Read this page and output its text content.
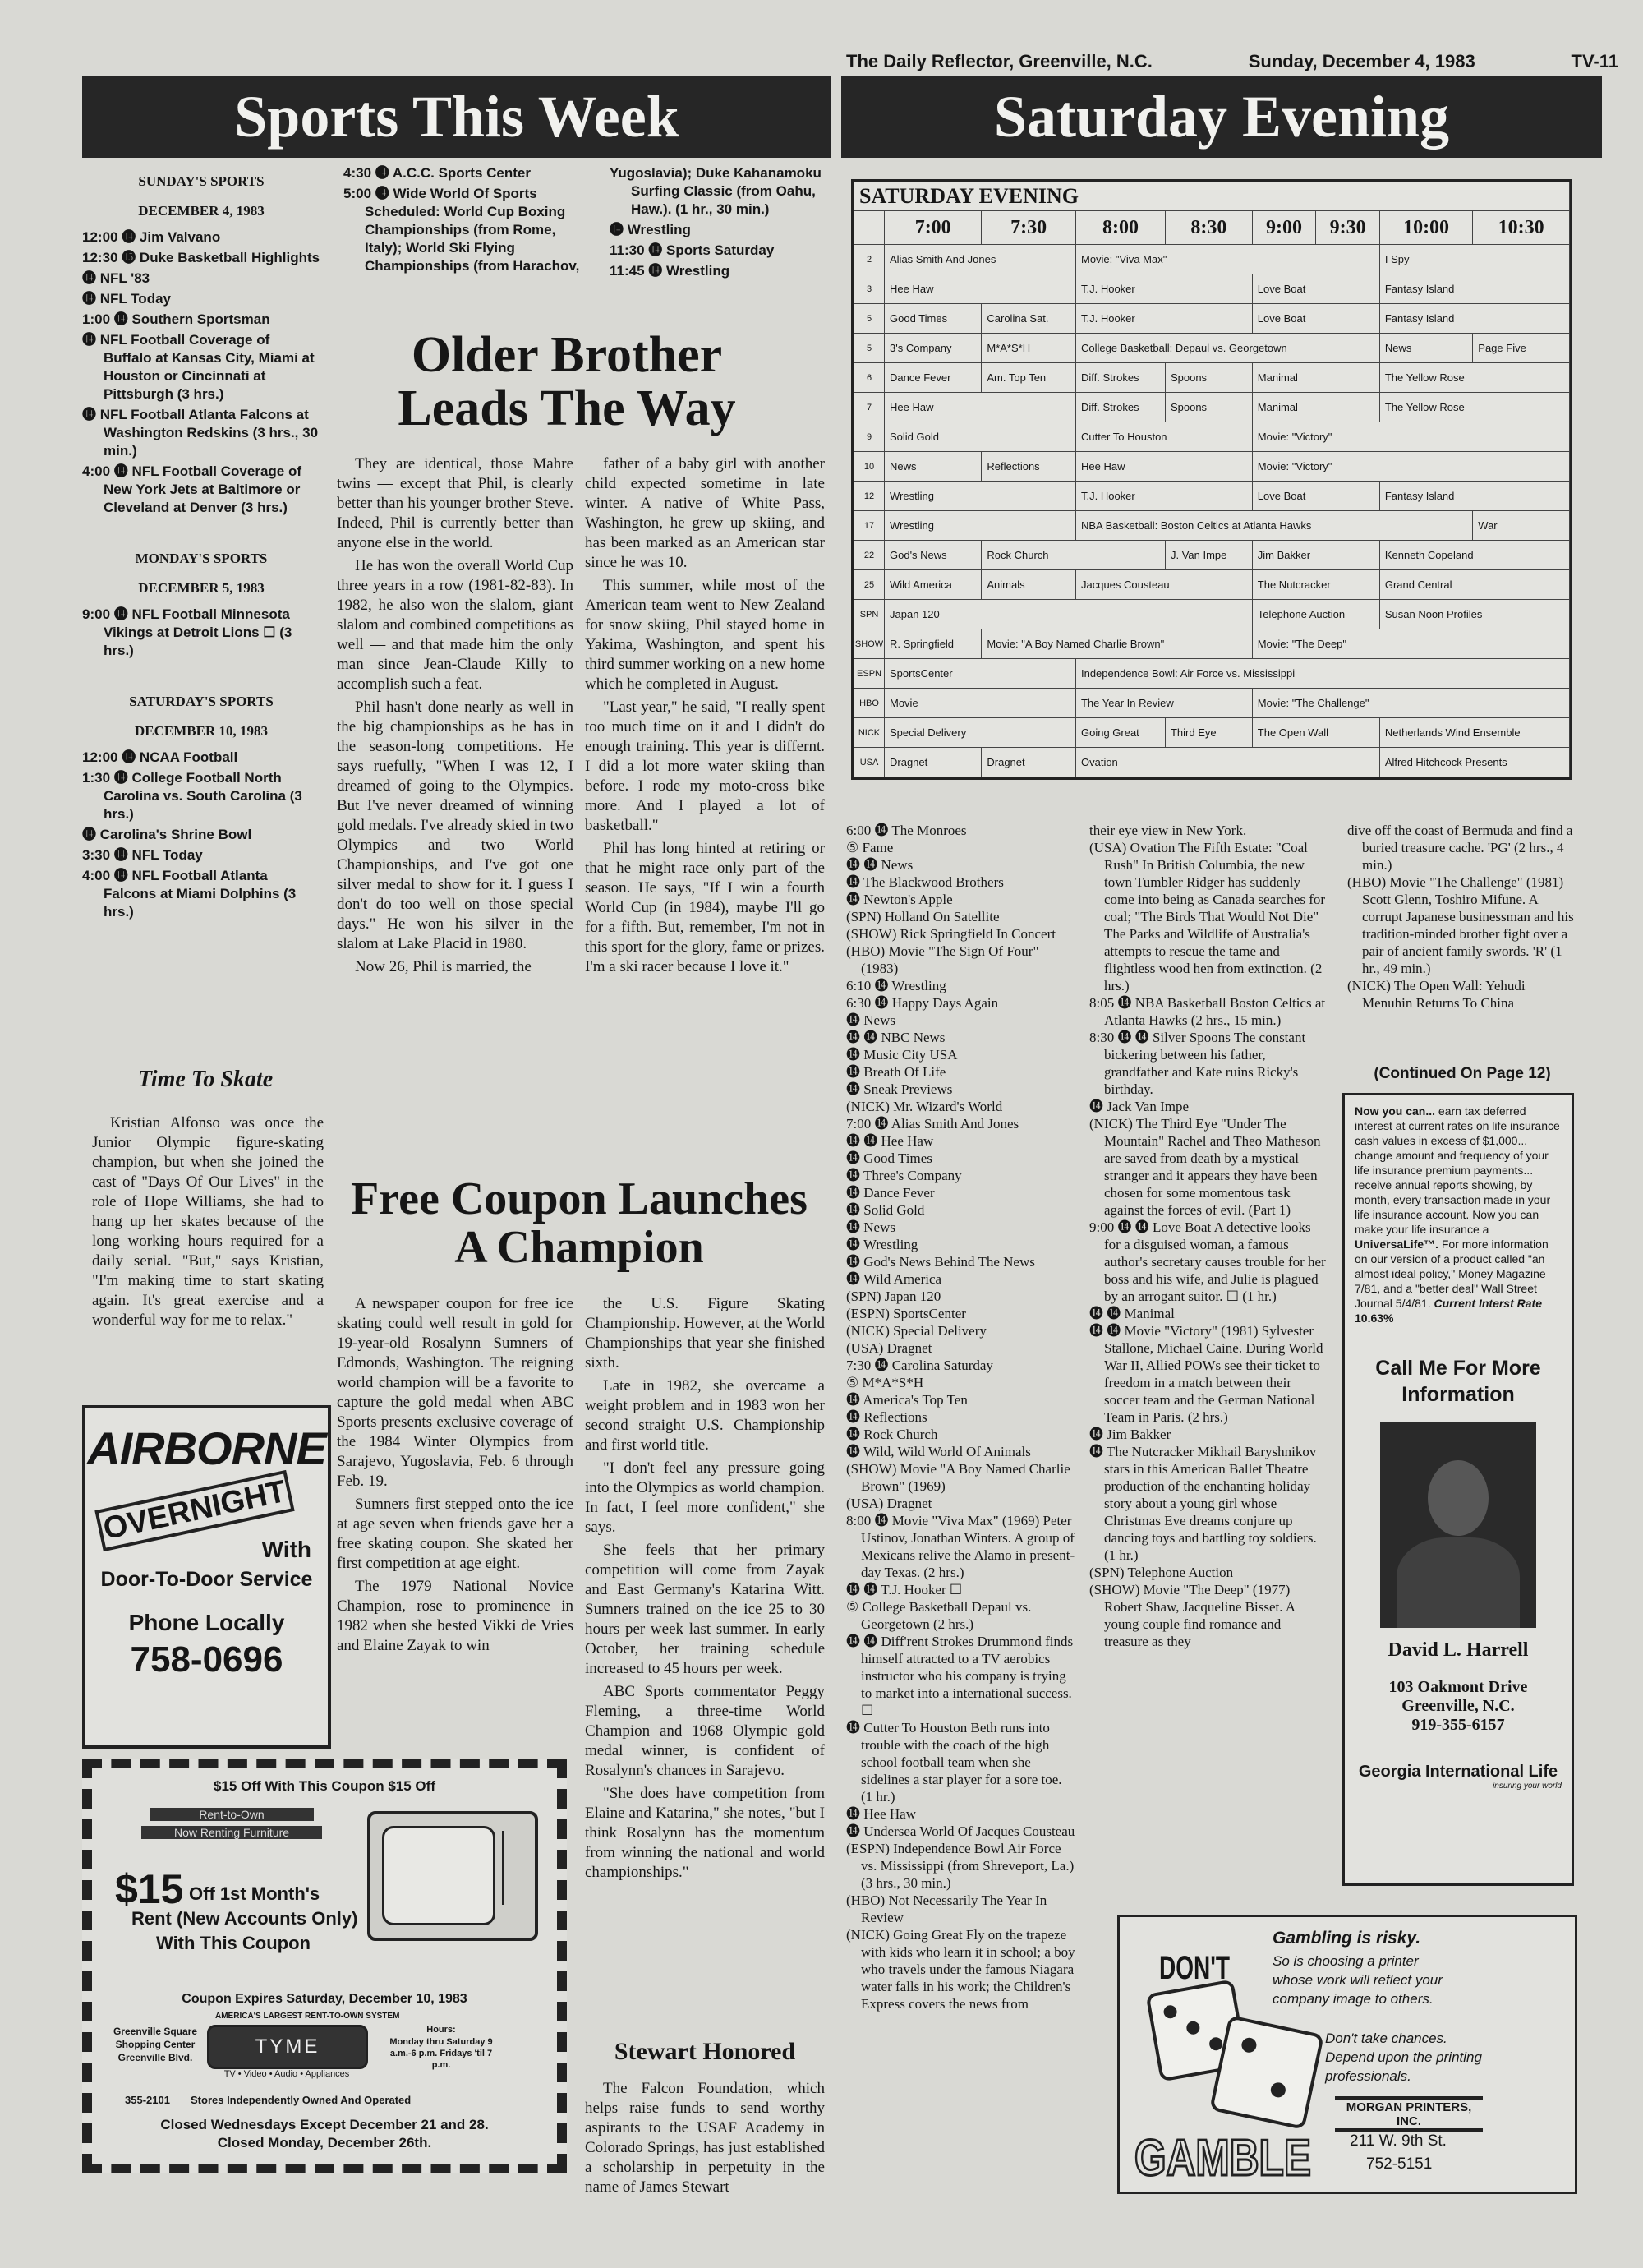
The Daily Reflector, Greenville, N.C.	Sunday, December 4, 1983	TV-11
Sports This Week	Saturday Evening
SUNDAY'S SPORTS
DECEMBER 4, 1983
12:00 ⓮ Jim Valvano
12:30 ⓯ Duke Basketball Highlights
⓮ NFL '83
⓮ NFL Today
1:00 ⓮ Southern Sportsman
⓮ NFL Football Coverage of Buffalo at Kansas City, Miami at Houston or Cincinnati at Pittsburgh (3 hrs.)
⓮ NFL Football Atlanta Falcons at Washington Redskins (3 hrs., 30 min.)
4:00 ⓮ NFL Football Coverage of New York Jets at Baltimore or Cleveland at Denver (3 hrs.)
MONDAY'S SPORTS
DECEMBER 5, 1983
9:00 ⓮ NFL Football Minnesota Vikings at Detroit Lions ☐ (3 hrs.)
SATURDAY'S SPORTS
DECEMBER 10, 1983
12:00 ⓮ NCAA Football
1:30 ⓮ College Football North Carolina vs. South Carolina (3 hrs.)
⓮ Carolina's Shrine Bowl
3:30 ⓮ NFL Today
4:00 ⓮ NFL Football Atlanta Falcons at Miami Dolphins (3 hrs.)
4:30 ⓮ A.C.C. Sports Center
5:00 ⓮ Wide World Of Sports Scheduled: World Cup Boxing Championships (from Rome, Italy); World Ski Flying Championships (from Harachov,
Yugoslavia); Duke Kahanamoku Surfing Classic (from Oahu, Haw.). (1 hr., 30 min.)
⓮ Wrestling
11:30 ⓮ Sports Saturday
11:45 ⓮ Wrestling
Older Brother Leads The Way

They are identical, those Mahre twins — except that Phil, is clearly better than his younger brother Steve. Indeed, Phil is currently better than anyone else in the world.

He has won the overall World Cup three years in a row (1981-82-83). In 1982, he also won the slalom, giant slalom and combined competitions as well — and that made him the only man since Jean-Claude Killy to accomplish such a feat.

Phil hasn't done nearly as well in the big championships as he has in the season-long competitions. He says ruefully, "When I was 12, I dreamed of going to the Olympics. But I've never dreamed of winning gold medals. I've already skied in two Olympics and two World Championships, and I've got one silver medal to show for it. I guess I don't do too well on those special days." He won his silver in the slalom at Lake Placid in 1980.

Now 26, Phil is married, the

father of a baby girl with another child expected sometime in late winter. A native of White Pass, Washington, he grew up skiing, and has been marked as an American star since he was 10.

This summer, while most of the American team went to New Zealand for snow skiing, Phil stayed home in Yakima, Washington, and spent his third summer working on a new home which he completed in August.

"Last year," he said, "I really spent too much time on it and I didn't do enough training. This year is differnt. I did a lot more water skiing than before. I rode my moto-cross bike more. And I played a lot of basketball."

Phil has long hinted at retiring or that he might race only part of the season. He says, "If I win a fourth World Cup (in 1984), maybe I'll go for a fifth. But, remember, I'm not in this sport for the glory, fame or prizes. I'm a ski racer because I love it."

Time To Skate

Kristian Alfonso was once the Junior Olympic figure-skating champion, but when she joined the cast of "Days Of Our Lives" in the role of Hope Williams, she had to hang up her skates because of the long working hours required for a daily serial. "But," says Kristian, "I'm making time to start skating again. It's great exercise and a wonderful way for me to relax."

Free Coupon Launches A Champion

A newspaper coupon for free ice skating could well result in gold for 19-year-old Rosalynn Sumners of Edmonds, Washington. The reigning world champion will be a favorite to capture the gold medal when ABC Sports presents exclusive coverage of the 1984 Winter Olympics from Sarajevo, Yugoslavia, Feb. 6 through Feb. 19.

Sumners first stepped onto the ice at age seven when friends gave her a free skating coupon. She skated her first competition at age eight.

The 1979 National Novice Champion, rose to prominence in 1982 when she bested Vikki de Vries and Elaine Zayak to win

the U.S. Figure Skating Championship. However, at the World Championships that year she finished sixth.

Late in 1982, she overcame a weight problem and in 1983 won her second straight U.S. Championship and first world title.

"I don't feel any pressure going into the Olympics as world champion. In fact, I feel more confident," she says.

She feels that her primary competition will come from Zayak and East Germany's Katarina Witt. Sumners trained on the ice 25 to 30 hours per week last summer. In early October, her training schedule increased to 45 hours per week.

ABC Sports commentator Peggy Fleming, a three-time World Champion and 1968 Olympic gold medal winner, is confident of Rosalynn's chances in Sarajevo.

"She does have competition from Elaine and Katarina," she notes, "but I think Rosalynn has the momentum from winning the national and world championships."

Stewart Honored

The Falcon Foundation, which helps raise funds to send worthy aspirants to the USAF Academy in Colorado Springs, has just established a scholarship in perpetuity in the name of James Stewart

AIRBORNE
OVERNIGHT
With
Door-To-Door Service
Phone Locally
758-0696
$15 Off With This Coupon $15 Off
Rent-to-Own
Now Renting Furniture
$15 Off 1st Month's
Rent (New Accounts Only)
With This Coupon
Coupon Expires Saturday, December 10, 1983
AMERICA'S LARGEST RENT-TO-OWN SYSTEM
Greenville Square Shopping Center Greenville Blvd.	TYME
TV • Video • Audio • Appliances
Hours:
Monday thru Saturday 9 a.m.-6 p.m. Fridays 'til 7 p.m.
355-2101 Stores Independently Owned And Operated
Closed Wednesdays Except December 21 and 28.
Closed Monday, December 26th.
SATURDAY EVENING								
	7:00	7:30	8:00	8:30	9:00	9:30	10:00	10:30
2	Alias Smith And Jones		Movie: "Viva Max"				I Spy	
3	Hee Haw		T.J. Hooker		Love Boat		Fantasy Island	
5	Good Times	Carolina Sat.	T.J. Hooker		Love Boat		Fantasy Island	
5	3's Company	M*A*S*H	College Basketball: Depaul vs. Georgetown				News	Page Five
6	Dance Fever	Am. Top Ten	Diff. Strokes	Spoons	Manimal		The Yellow Rose	
7	Hee Haw		Diff. Strokes	Spoons	Manimal		The Yellow Rose	
9	Solid Gold		Cutter To Houston		Movie: "Victory"			
10	News	Reflections	Hee Haw		Movie: "Victory"			
12	Wrestling		T.J. Hooker		Love Boat		Fantasy Island	
17	Wrestling		NBA Basketball: Boston Celtics at Atlanta Hawks					War
22	God's News	Rock Church		J. Van Impe	Jim Bakker		Kenneth Copeland	
25	Wild America	Animals	Jacques Cousteau		The Nutcracker		Grand Central	
SPN	Japan 120				Telephone Auction		Susan Noon Profiles	
SHOW	R. Springfield	Movie: "A Boy Named Charlie Brown"			Movie: "The Deep"			
ESPN	SportsCenter		Independence Bowl: Air Force vs. Mississippi					
HBO	Movie		The Year In Review		Movie: "The Challenge"			
NICK	Special Delivery		Going Great	Third Eye	The Open Wall		Netherlands Wind Ensemble	
USA	Dragnet	Dragnet	Ovation				Alfred Hitchcock Presents	
6:00 ⓮ The Monroes
⑤ Fame
⓮ ⓮ News
⓮ The Blackwood Brothers
⓮ Newton's Apple
(SPN) Holland On Satellite
(SHOW) Rick Springfield In Concert
(HBO) Movie "The Sign Of Four" (1983)
6:10 ⓮ Wrestling
6:30 ⓮ Happy Days Again
⓮ News
⓮ ⓮ NBC News
⓮ Music City USA
⓮ Breath Of Life
⓮ Sneak Previews
(NICK) Mr. Wizard's World
7:00 ⓮ Alias Smith And Jones
⓮ ⓮ Hee Haw
⓮ Good Times
⓮ Three's Company
⓮ Dance Fever
⓮ Solid Gold
⓮ News
⓮ Wrestling
⓮ God's News Behind The News
⓮ Wild America
(SPN) Japan 120
(ESPN) SportsCenter
(NICK) Special Delivery
(USA) Dragnet
7:30 ⓮ Carolina Saturday
⑤ M*A*S*H
⓮ America's Top Ten
⓮ Reflections
⓮ Rock Church
⓮ Wild, Wild World Of Animals
(SHOW) Movie "A Boy Named Charlie Brown" (1969)
(USA) Dragnet
8:00 ⓮ Movie "Viva Max" (1969) Peter Ustinov, Jonathan Winters. A group of Mexicans relive the Alamo in present-day Texas. (2 hrs.)
⓮ ⓮ T.J. Hooker ☐
⑤ College Basketball Depaul vs. Georgetown (2 hrs.)
⓮ ⓮ Diff'rent Strokes Drummond finds himself attracted to a TV aerobics instructor who his company is trying to market into a international success. ☐
⓮ Cutter To Houston Beth runs into trouble with the coach of the high school football team when she sidelines a star player for a sore toe. (1 hr.)
⓮ Hee Haw
⓮ Undersea World Of Jacques Cousteau
(ESPN) Independence Bowl Air Force vs. Mississippi (from Shreveport, La.) (3 hrs., 30 min.)
(HBO) Not Necessarily The Year In Review
(NICK) Going Great Fly on the trapeze with kids who learn it in school; a boy who travels under the famous Niagara water falls in his work; the Children's Express covers the news from
their eye view in New York.
(USA) Ovation The Fifth Estate: "Coal Rush" In British Columbia, the new town Tumbler Ridger has suddenly come into being as Canada searches for coal; "The Birds That Would Not Die" The Parks and Wildlife of Australia's attempts to rescue the tame and flightless wood hen from extinction. (2 hrs.)
8:05 ⓮ NBA Basketball Boston Celtics at Atlanta Hawks (2 hrs., 15 min.)
8:30 ⓮ ⓮ Silver Spoons The constant bickering between his father, grandfather and Kate ruins Ricky's birthday.
⓮ Jack Van Impe
(NICK) The Third Eye "Under The Mountain" Rachel and Theo Matheson are saved from death by a mystical stranger and it appears they have been chosen for some momentous task against the forces of evil. (Part 1)
9:00 ⓮ ⓮ Love Boat A detective looks for a disguised woman, a famous author's secretary causes trouble for her boss and his wife, and Julie is plagued by an arrogant suitor. ☐ (1 hr.)
⓮ ⓮ Manimal
⓮ ⓮ Movie "Victory" (1981) Sylvester Stallone, Michael Caine. During World War II, Allied POWs see their ticket to freedom in a match between their soccer team and the German National Team in Paris. (2 hrs.)
⓮ Jim Bakker
⓮ The Nutcracker Mikhail Baryshnikov stars in this American Ballet Theatre production of the enchanting holiday story about a young girl whose Christmas Eve dreams conjure up dancing toys and battling toy soldiers. (1 hr.)
(SPN) Telephone Auction
(SHOW) Movie "The Deep" (1977) Robert Shaw, Jacqueline Bisset. A young couple find romance and treasure as they
dive off the coast of Bermuda and find a buried treasure cache. 'PG' (2 hrs., 4 min.)
(HBO) Movie "The Challenge" (1981) Scott Glenn, Toshiro Mifune. A corrupt Japanese businessman and his tradition-minded brother fight over a pair of ancient family swords. 'R' (1 hr., 49 min.)
(NICK) The Open Wall: Yehudi Menuhin Returns To China
(Continued On Page 12)
Now you can... earn tax deferred interest at current rates on life insurance cash values in excess of $1,000... change amount and frequency of your life insurance premium payments... receive annual reports showing, by month, every transaction made in your life insurance account. Now you can make your life insurance a UniversaLife™. For more information on our version of a product called "an almost ideal policy," Money Magazine 7/81, and a "better deal" Wall Street Journal 5/4/81. Current Interst Rate 10.63%
Call Me For More Information
David L. Harrell
103 Oakmont Drive
Greenville, N.C.
919-355-6157
Georgia International Life
insuring your world
DON'T
GAMBLE
Gambling is risky.
So is choosing a printer whose work will reflect your company image to others.
Don't take chances. Depend upon the printing professionals.
MORGAN PRINTERS, INC.
211 W. 9th St.
752-5151
